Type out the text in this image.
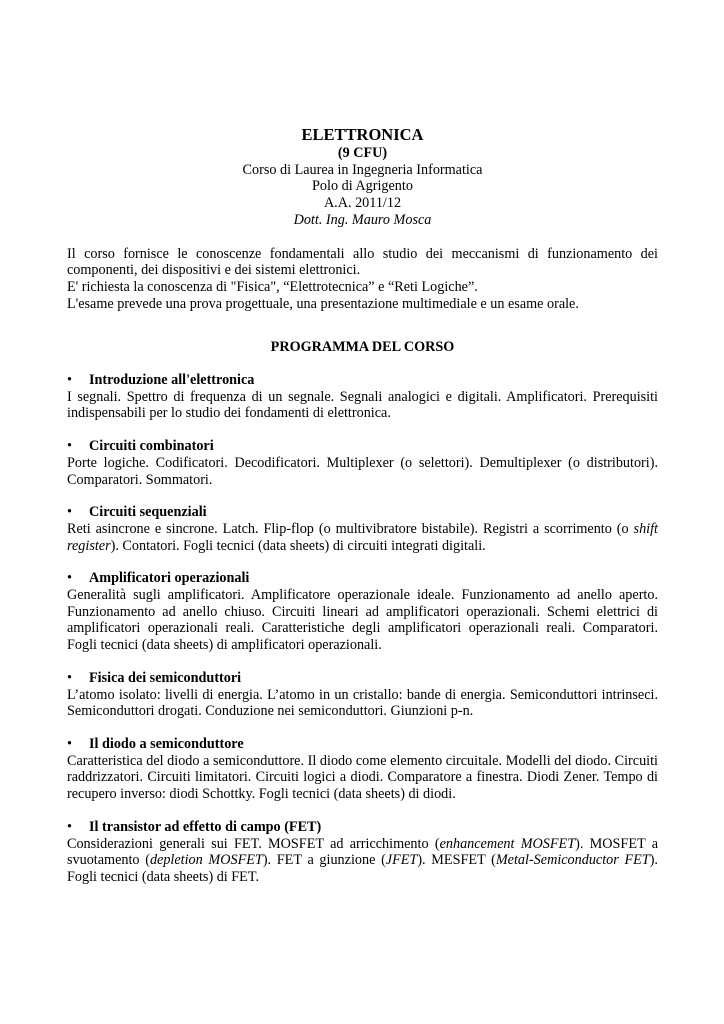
ELETTRONICA
(9 CFU)
Corso di Laurea in Ingegneria Informatica
Polo di Agrigento
A.A. 2011/12
Dott. Ing. Mauro Mosca

Il corso fornisce le conoscenze fondamentali allo studio dei meccanismi di funzionamento dei componenti, dei dispositivi e dei sistemi elettronici.

E' richiesta la conoscenza di "Fisica", “Elettrotecnica” e “Reti Logiche”.

L'esame prevede una prova progettuale, una presentazione multimediale e un esame orale.

PROGRAMMA DEL CORSO
•	Introduzione all'elettronica
I segnali. Spettro di frequenza di un segnale. Segnali analogici e digitali. Amplificatori. Prerequisiti indispensabili per lo studio dei fondamenti di elettronica.
•	Circuiti combinatori
Porte logiche. Codificatori. Decodificatori. Multiplexer (o selettori). Demultiplexer (o distributori). Comparatori. Sommatori.
•	Circuiti sequenziali
Reti asincrone e sincrone. Latch. Flip-flop (o multivibratore bistabile). Registri a scorrimento (o shift register). Contatori. Fogli tecnici (data sheets) di circuiti integrati digitali.
•	Amplificatori operazionali
Generalità sugli amplificatori. Amplificatore operazionale ideale. Funzionamento ad anello aperto. Funzionamento ad anello chiuso. Circuiti lineari ad amplificatori operazionali. Schemi elettrici di amplificatori operazionali reali. Caratteristiche degli amplificatori operazionali reali. Comparatori. Fogli tecnici (data sheets) di amplificatori operazionali.
•	Fisica dei semiconduttori
L’atomo isolato: livelli di energia. L’atomo in un cristallo: bande di energia. Semiconduttori intrinseci. Semiconduttori drogati. Conduzione nei semiconduttori. Giunzioni p-n.
•	Il diodo a semiconduttore
Caratteristica del diodo a semiconduttore. Il diodo come elemento circuitale. Modelli del diodo. Circuiti raddrizzatori. Circuiti limitatori. Circuiti logici a diodi. Comparatore a finestra. Diodi Zener. Tempo di recupero inverso: diodi Schottky. Fogli tecnici (data sheets) di diodi.
•	Il transistor ad effetto di campo (FET)
Considerazioni generali sui FET. MOSFET ad arricchimento (enhancement MOSFET). MOSFET a svuotamento (depletion MOSFET). FET a giunzione (JFET). MESFET (Metal-Semiconductor FET). Fogli tecnici (data sheets) di FET.
